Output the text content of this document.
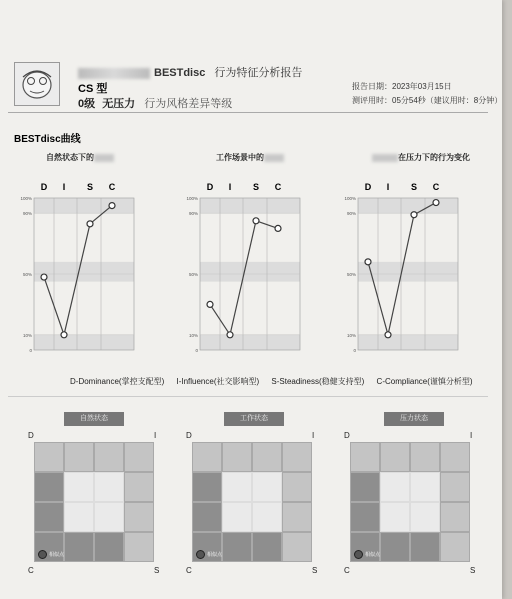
BESTdisc 行为特征分析报告
CS 型
0级 无压力 行为风格差异等级
报告日期：2023年03月15日
测评用时：05分54秒（建议用时：8分钟）
BESTdisc曲线
自然状态下的	工作场景中的	在压力下的行为变化
D I S C
100%
90%
50%
10%
0
D I S C
100%
90%
50%
10%
0
D I S C
100%
90%
50%
10%
0
D-Dominance(掌控支配型) I-Influence(社交影响型) S-Steadiness(稳健支持型) C-Compliance(谨慎分析型)
自然状态	工作状态	压力状态
D	I
C	S
相似点
D	I
C	S
相似点
D	I
C	S
相似点
